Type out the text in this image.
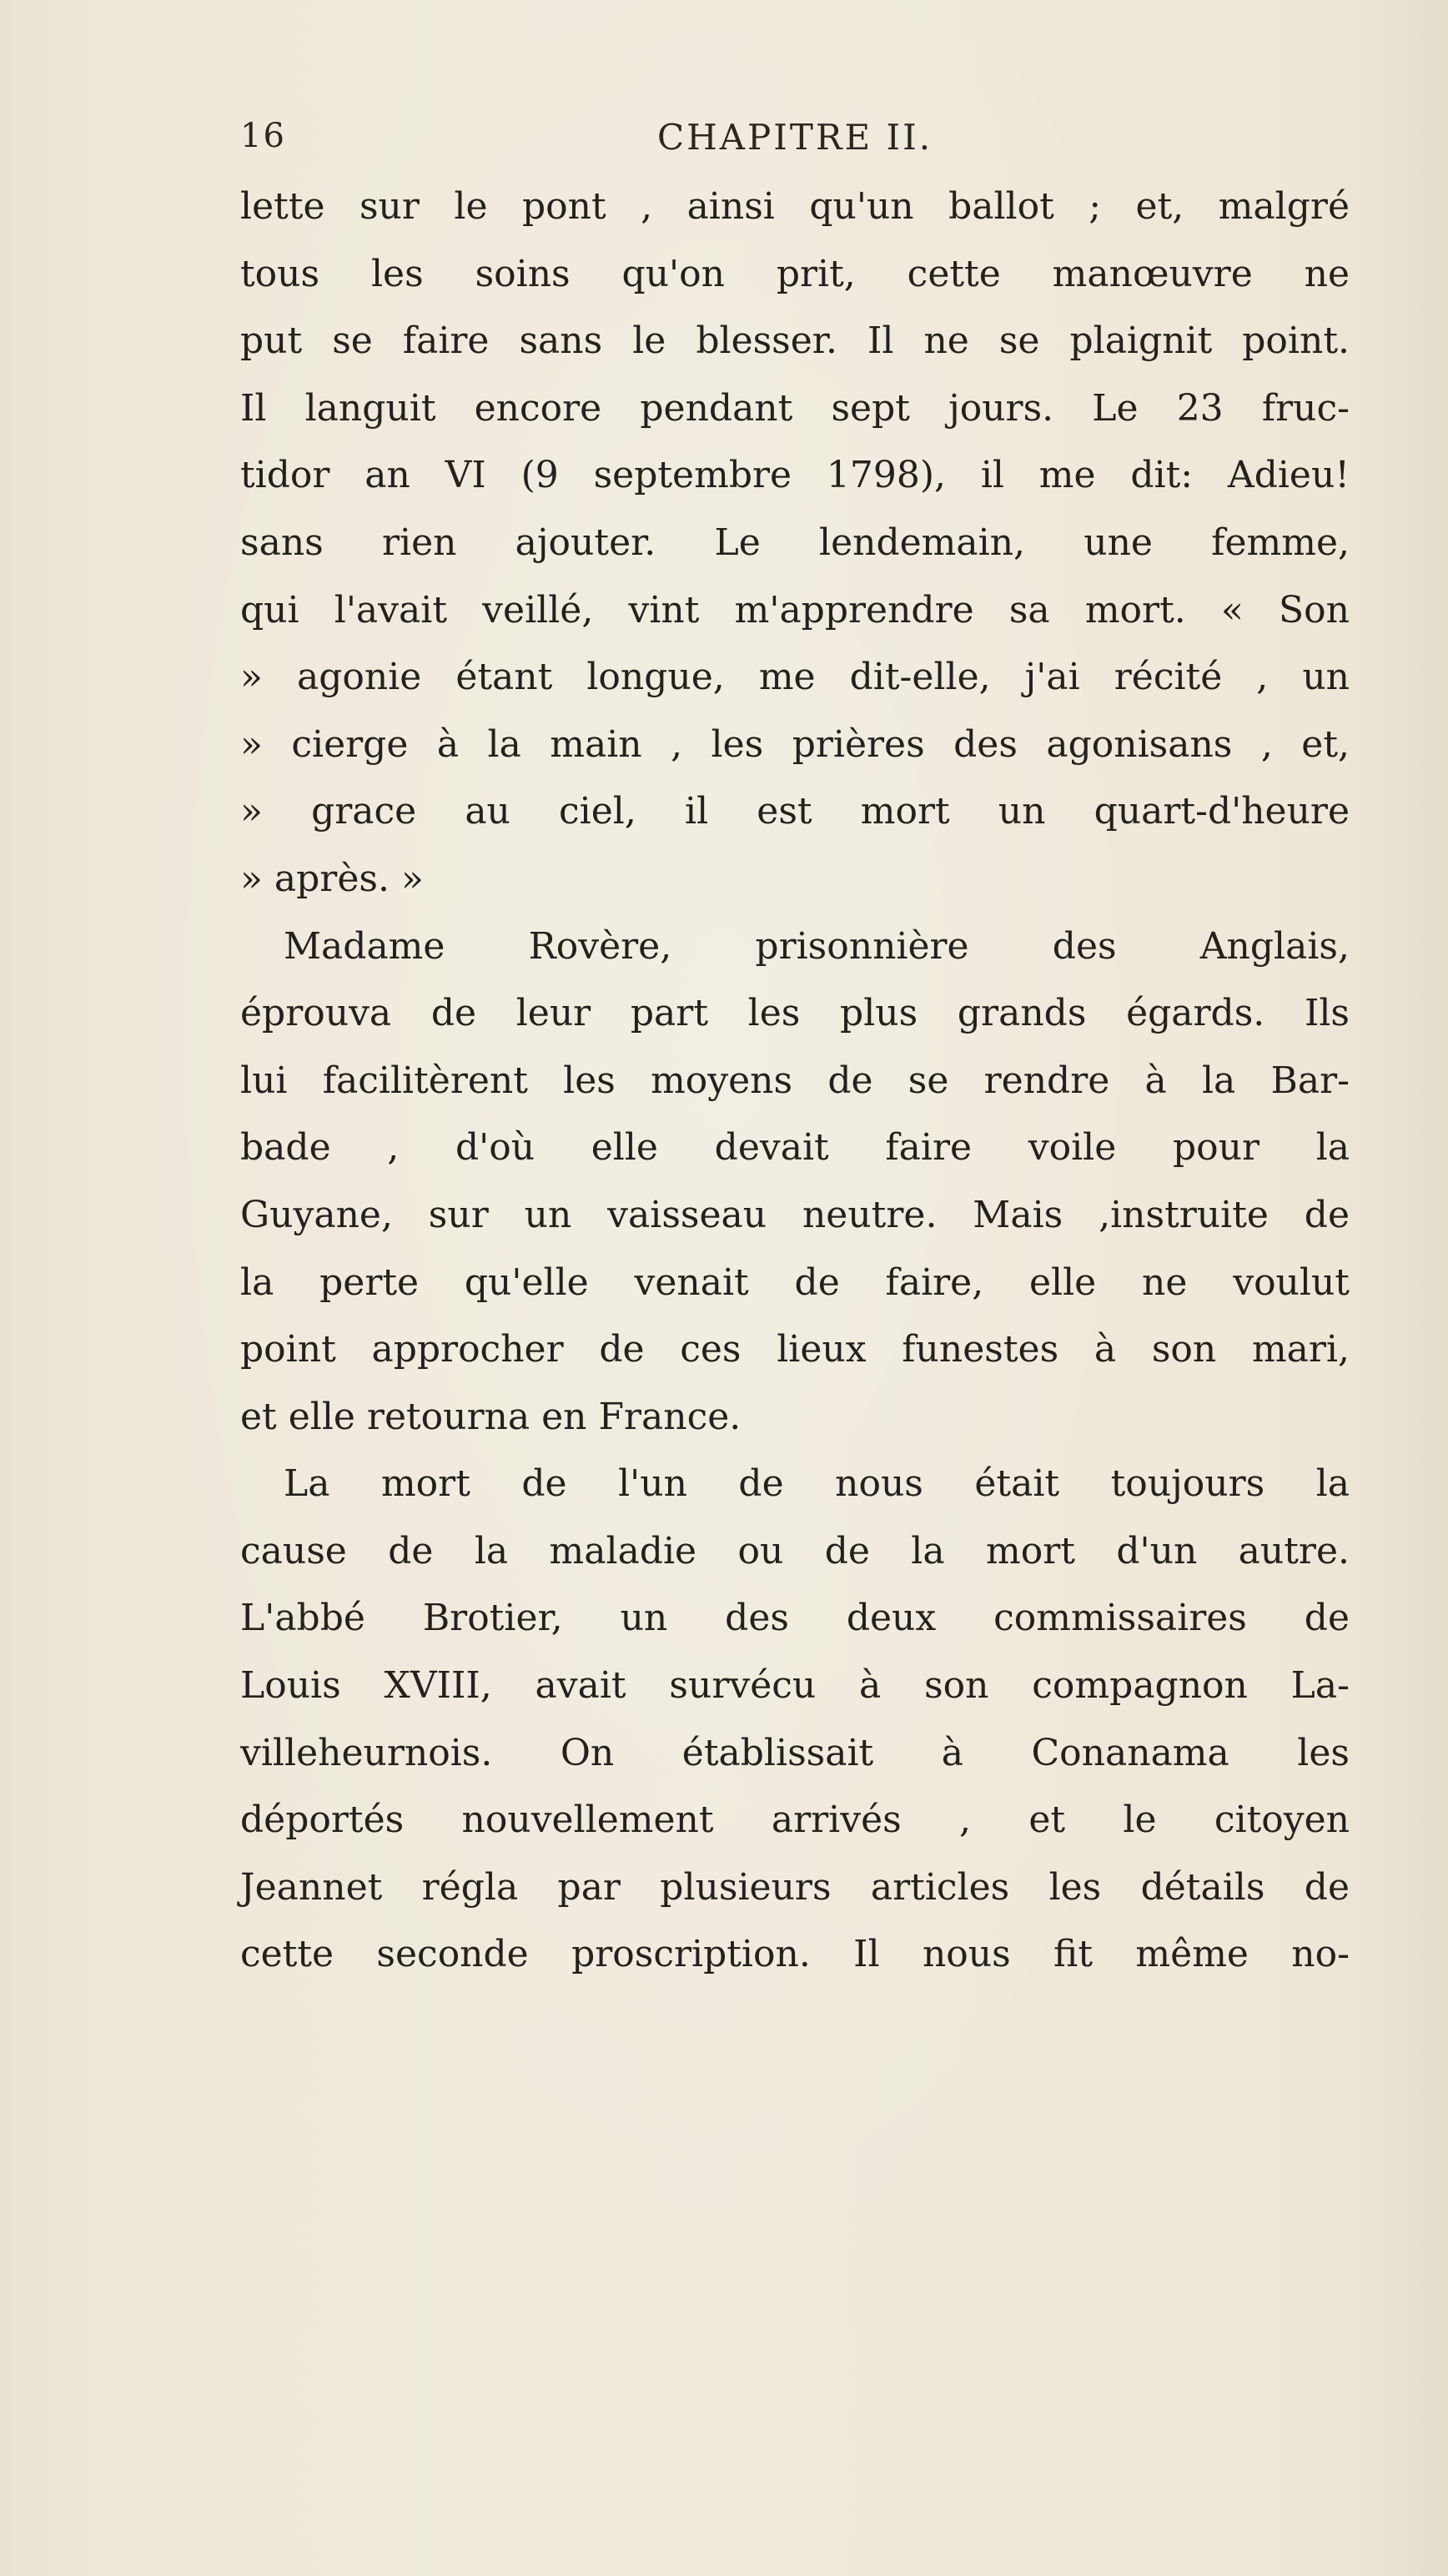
16	CHAPITRE II.
lette sur le pont , ainsi qu'un ballot ; et, malgré
tous les soins qu'on prit, cette manœuvre ne
put se faire sans le blesser. Il ne se plaignit point.
Il languit encore pendant sept jours. Le 23 fruc-
tidor an VI (9 septembre 1798), il me dit: Adieu!
sans rien ajouter. Le lendemain, une femme,
qui l'avait veillé, vint m'apprendre sa mort. « Son
» agonie étant longue, me dit-elle, j'ai récité , un
» cierge à la main , les prières des agonisans , et,
» grace au ciel, il est mort un quart-d'heure
» après. »
Madame Rovère, prisonnière des Anglais,
éprouva de leur part les plus grands égards. Ils
lui facilitèrent les moyens de se rendre à la Bar-
bade , d'où elle devait faire voile pour la
Guyane, sur un vaisseau neutre. Mais ,instruite de
la perte qu'elle venait de faire, elle ne voulut
point approcher de ces lieux funestes à son mari,
et elle retourna en France.
La mort de l'un de nous était toujours la
cause de la maladie ou de la mort d'un autre.
L'abbé Brotier, un des deux commissaires de
Louis XVIII, avait survécu à son compagnon La-
villeheurnois. On établissait à Conanama les
déportés nouvellement arrivés , et le citoyen
Jeannet régla par plusieurs articles les détails de
cette seconde proscription. Il nous fit même no-
